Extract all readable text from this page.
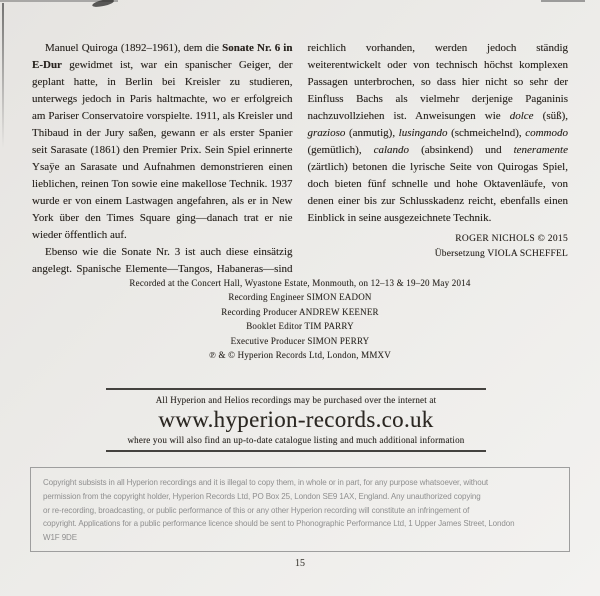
Manuel Quiroga (1892–1961), dem die Sonate Nr. 6 in E-Dur gewidmet ist, war ein spanischer Geiger, der geplant hatte, in Berlin bei Kreisler zu studieren, unterwegs jedoch in Paris haltmachte, wo er erfolgreich am Pariser Conservatoire vorspielte. 1911, als Kreisler und Thibaud in der Jury saßen, gewann er als erster Spanier seit Sarasate (1861) den Premier Prix. Sein Spiel erinnerte Ysaÿe an Sarasate und Aufnahmen demonstrieren einen lieblichen, reinen Ton sowie eine makellose Technik. 1937 wurde er von einem Lastwagen angefahren, als er in New York über den Times Square ging—danach trat er nie wieder öffentlich auf.

Ebenso wie die Sonate Nr. 3 ist auch diese einsätzig angelegt. Spanische Elemente—Tangos, Habaneras—sind

reichlich vorhanden, werden jedoch ständig weiterentwickelt oder von technisch höchst komplexen Passagen unterbrochen, so dass hier nicht so sehr der Einfluss Bachs als vielmehr derjenige Paganinis nachzuvollziehen ist. Anweisungen wie dolce (süß), grazioso (anmutig), lusingando (schmeichelnd), commodo (gemütlich), calando (absinkend) und teneramente (zärtlich) betonen die lyrische Seite von Quirogas Spiel, doch bieten fünf schnelle und hohe Oktavenläufe, von denen einer bis zur Schlusskadenz reicht, ebenfalls einen Einblick in seine ausgezeichnete Technik.

ROGER NICHOLS © 2015
Übersetzung VIOLA SCHEFFEL
Recorded at the Concert Hall, Wyastone Estate, Monmouth, on 12–13 & 19–20 May 2014
Recording Engineer SIMON EADON
Recording Producer ANDREW KEENER
Booklet Editor TIM PARRY
Executive Producer SIMON PERRY
℗ & © Hyperion Records Ltd, London, MMXV
All Hyperion and Helios recordings may be purchased over the internet at
www.hyperion-records.co.uk
where you will also find an up-to-date catalogue listing and much additional information
Copyright subsists in all Hyperion recordings and it is illegal to copy them, in whole or in part, for any purpose whatsoever, without
permission from the copyright holder, Hyperion Records Ltd, PO Box 25, London SE9 1AX, England. Any unauthorized copying
or re-recording, broadcasting, or public performance of this or any other Hyperion recording will constitute an infringement of
copyright. Applications for a public performance licence should be sent to Phonographic Performance Ltd, 1 Upper James Street, London
W1F 9DE
15
